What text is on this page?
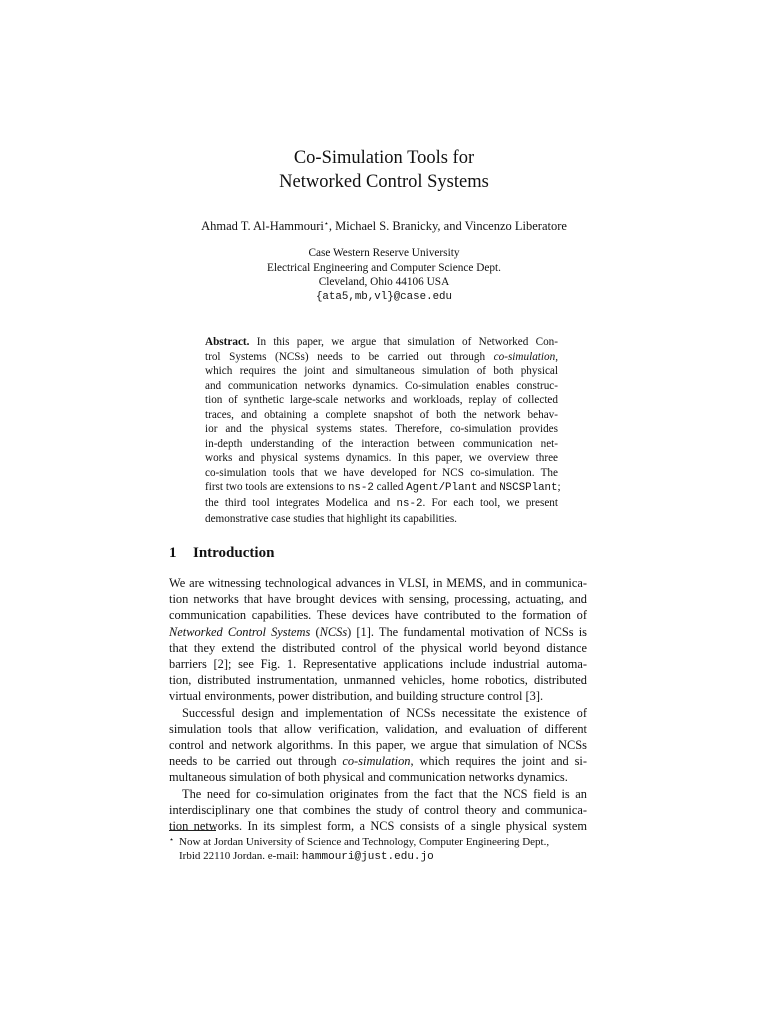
Co-Simulation Tools for
Networked Control Systems
Ahmad T. Al-Hammouri⋆, Michael S. Branicky, and Vincenzo Liberatore
Case Western Reserve University
Electrical Engineering and Computer Science Dept.
Cleveland, Ohio 44106 USA
{ata5,mb,vl}@case.edu
Abstract. In this paper, we argue that simulation of Networked Con-
trol Systems (NCSs) needs to be carried out through co-simulation,
which requires the joint and simultaneous simulation of both physical
and communication networks dynamics. Co-simulation enables construc-
tion of synthetic large-scale networks and workloads, replay of collected
traces, and obtaining a complete snapshot of both the network behav-
ior and the physical systems states. Therefore, co-simulation provides
in-depth understanding of the interaction between communication net-
works and physical systems dynamics. In this paper, we overview three
co-simulation tools that we have developed for NCS co-simulation. The
first two tools are extensions to ns-2 called Agent/Plant and NSCSPlant;
the third tool integrates Modelica and ns-2. For each tool, we present
demonstrative case studies that highlight its capabilities.
1 Introduction
We are witnessing technological advances in VLSI, in MEMS, and in communica-
tion networks that have brought devices with sensing, processing, actuating, and
communication capabilities. These devices have contributed to the formation of
Networked Control Systems (NCSs) [1]. The fundamental motivation of NCSs is
that they extend the distributed control of the physical world beyond distance
barriers [2]; see Fig. 1. Representative applications include industrial automa-
tion, distributed instrumentation, unmanned vehicles, home robotics, distributed
virtual environments, power distribution, and building structure control [3].
Successful design and implementation of NCSs necessitate the existence of
simulation tools that allow verification, validation, and evaluation of different
control and network algorithms. In this paper, we argue that simulation of NCSs
needs to be carried out through co-simulation, which requires the joint and si-
multaneous simulation of both physical and communication networks dynamics.
The need for co-simulation originates from the fact that the NCS field is an
interdisciplinary one that combines the study of control theory and communica-
tion networks. In its simplest form, a NCS consists of a single physical system
⋆ Now at Jordan University of Science and Technology, Computer Engineering Dept.,
Irbid 22110 Jordan. e-mail: hammouri@just.edu.jo
